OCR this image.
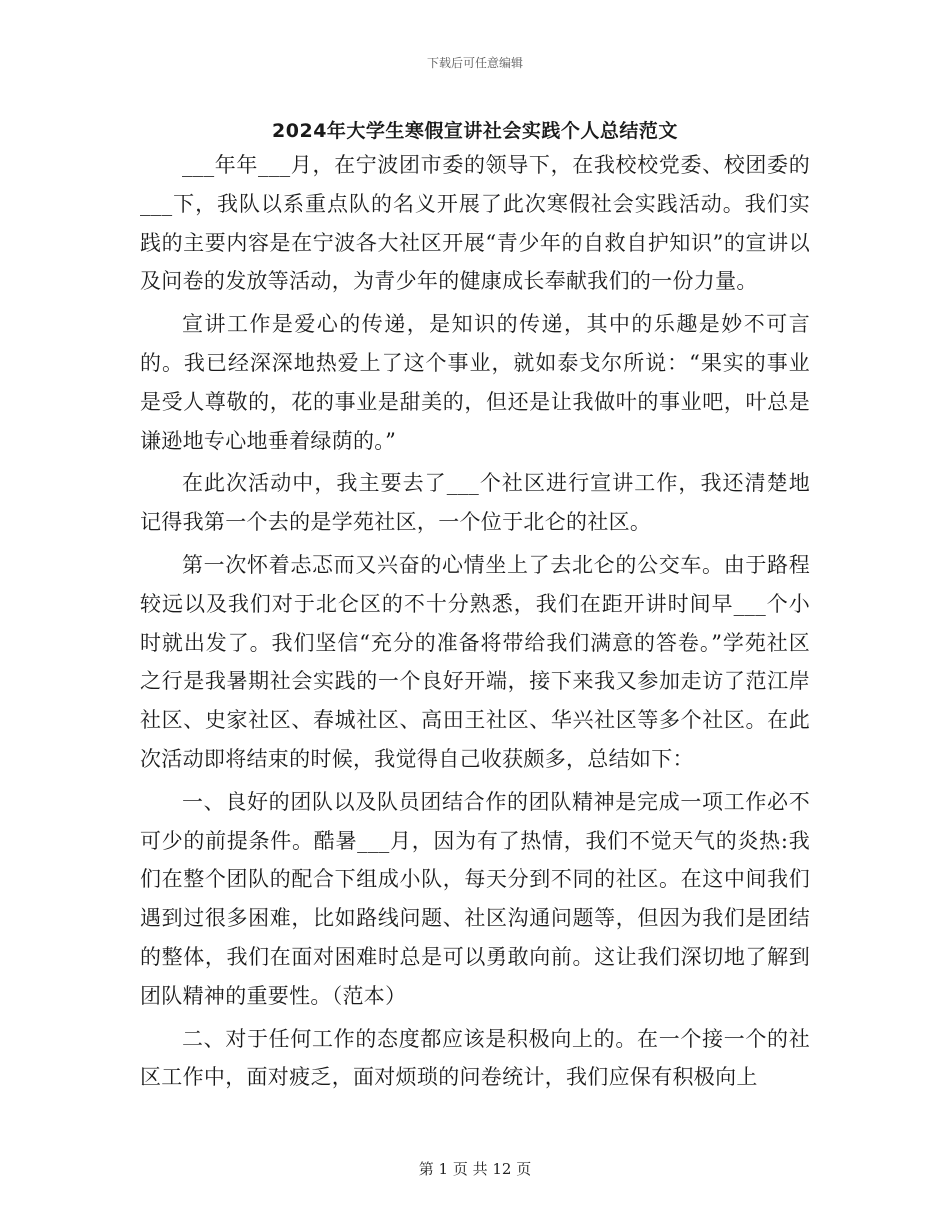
下载后可任意编辑
2024年大学生寒假宣讲社会实践个人总结范文

___年年___月，在宁波团市委的领导下，在我校校党委、校团委的___下，我队以系重点队的名义开展了此次寒假社会实践活动。我们实践的主要内容是在宁波各大社区开展“青少年的自救自护知识”的宣讲以及问卷的发放等活动，为青少年的健康成长奉献我们的一份力量。

宣讲工作是爱心的传递，是知识的传递，其中的乐趣是妙不可言的。我已经深深地热爱上了这个事业，就如泰戈尔所说：“果实的事业是受人尊敬的，花的事业是甜美的，但还是让我做叶的事业吧，叶总是谦逊地专心地垂着绿荫的。”

在此次活动中，我主要去了___个社区进行宣讲工作，我还清楚地记得我第一个去的是学苑社区，一个位于北仑的社区。

第一次怀着忐忑而又兴奋的心情坐上了去北仑的公交车。由于路程较远以及我们对于北仑区的不十分熟悉，我们在距开讲时间早___个小时就出发了。我们坚信“充分的准备将带给我们满意的答卷。”学苑社区之行是我暑期社会实践的一个良好开端，接下来我又参加走访了范江岸社区、史家社区、春城社区、高田王社区、华兴社区等多个社区。在此次活动即将结束的时候，我觉得自己收获颇多，总结如下：

一、良好的团队以及队员团结合作的团队精神是完成一项工作必不可少的前提条件。酷暑___月，因为有了热情，我们不觉天气的炎热:我们在整个团队的配合下组成小队，每天分到不同的社区。在这中间我们遇到过很多困难，比如路线问题、社区沟通问题等，但因为我们是团结的整体，我们在面对困难时总是可以勇敢向前。这让我们深切地了解到团队精神的重要性。（范本）

二、对于任何工作的态度都应该是积极向上的。在一个接一个的社区工作中，面对疲乏，面对烦琐的问卷统计，我们应保有积极向上

第 1 页 共 12 页
